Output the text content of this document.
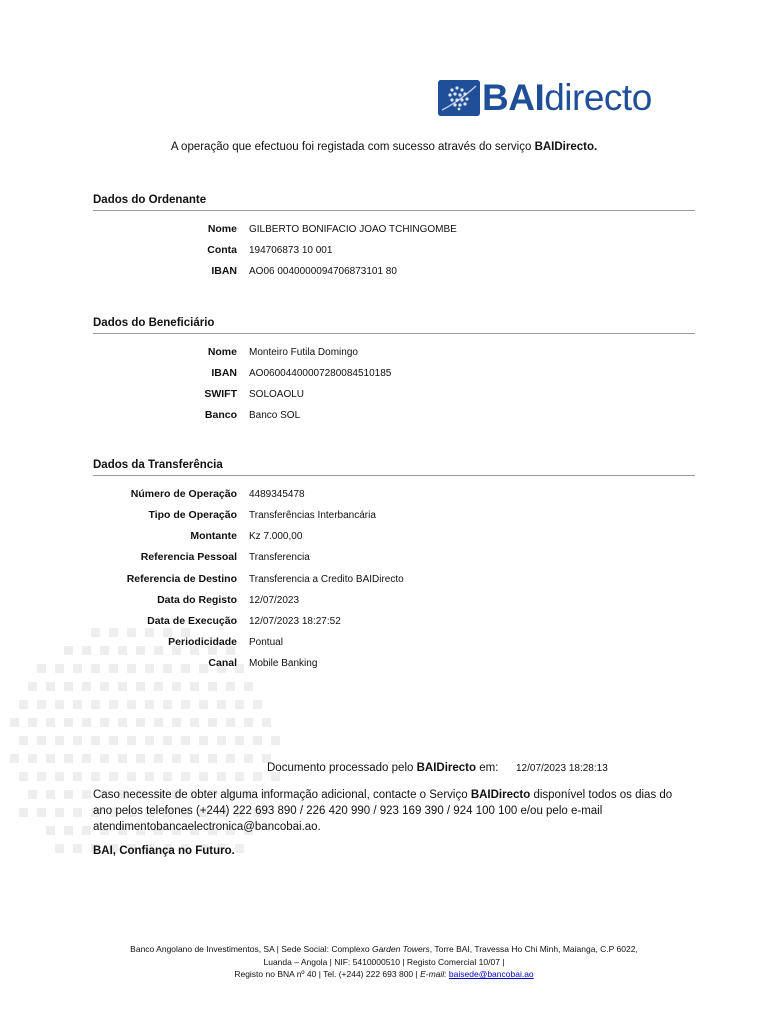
BAIdirecto
A operação que efectuou foi registada com sucesso através do serviço BAIDirecto.
Dados do Ordenante
Nome GILBERTO BONIFACIO JOAO TCHINGOMBE
Conta 194706873 10 001
IBAN AO06 0040000094706873101 80
Dados do Beneficiário
Nome Monteiro Futila Domingo
IBAN AO06004400007280084510185
SWIFT SOLOAOLU
Banco Banco SOL
Dados da Transferência
Número de Operação 4489345478
Tipo de Operação Transferências Interbancária
Montante Kz 7.000,00
Referencia Pessoal Transferencia
Referencia de Destino Transferencia a Credito BAIDirecto
Data do Registo 12/07/2023
Data de Execução 12/07/2023 18:27:52
Periodicidade Pontual
Canal Mobile Banking
Documento processado pelo BAIDirecto em: 12/07/2023 18:28:13
Caso necessite de obter alguma informação adicional, contacte o Serviço BAIDirecto disponível todos os dias do ano pelos telefones (+244) 222 693 890 / 226 420 990 / 923 169 390 / 924 100 100 e/ou pelo e-mail atendimentobancaelectronica@bancobai.ao.
BAI, Confiança no Futuro.
Banco Angolano de Investimentos, SA | Sede Social: Complexo Garden Towers, Torre BAI, Travessa Ho Chi Minh, Maianga, C.P 6022,
Luanda – Angola | NIF: 5410000510 | Registo Comercial 10/07 |
Registo no BNA nº 40 | Tel. (+244) 222 693 800 | E-mail: baisede@bancobai.ao
